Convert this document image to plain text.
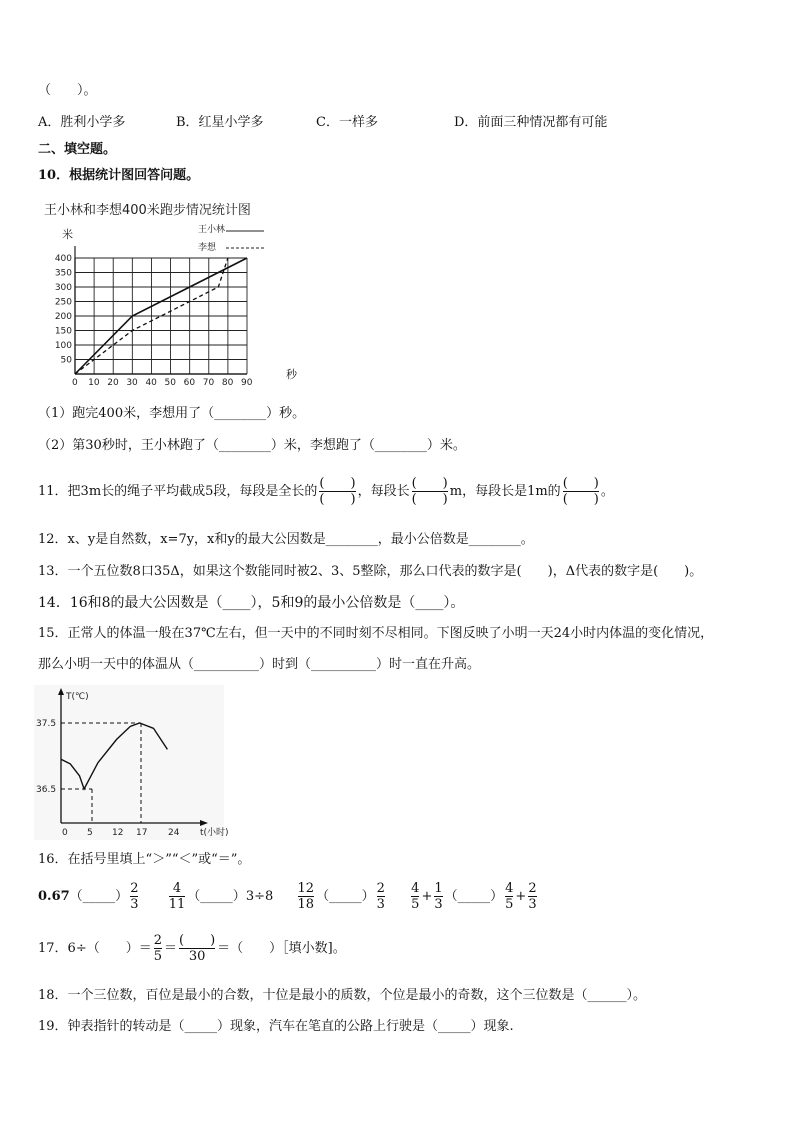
（　　）。
A．胜利小学多	B．红星小学多	C．一样多	D．前面三种情况都有可能
二、填空题。
10．根据统计图回答问题。
王小林和李想400米跑步情况统计图
米
0 10 20 30 40 50 60 70 80 90
50
100
150
200
250
300
350
400
秒
王小林
李想
（1）跑完400米，李想用了（________）秒。
（2）第30秒时，王小林跑了（________）米，李想跑了（________）米。
11．把3m长的绳子平均截成5段，每段是全长的 $\frac{( )}{( )}$ ，每段长 $\frac{( )}{( )}$ m，每段长是1m的 $\frac{( )}{( )}$ 。
12．x、y是自然数，x=7y，x和y的最大公因数是________，最小公倍数是________。
13．一个五位数8口35Δ，如果这个数能同时被2、3、5整除，那么口代表的数字是(　　)，Δ代表的数字是(　　)。
14．16和8的最大公因数是（____），5和9的最小公倍数是（____）。
15．正常人的体温一般在37℃左右，但一天中的不同时刻不尽相同。下图反映了小明一天24小时内体温的变化情况，
那么小明一天中的体温从（__________）时到（__________）时一直在升高。
T(℃)
t(小时)
37.5
36.5
0 5 12 17 24
16．在括号里填上“＞”“＜”或“＝”。
0.67（_____） $\frac{2}{3}$
$\frac{4}{11}$ （_____）3÷8 $\frac{12}{18}$ （_____） $\frac{2}{3}$
$\frac{4}{5} + \frac{1}{3}$ （_____） $\frac{4}{5} + \frac{2}{3}$
17．6÷（　　）＝ $\frac{2}{5} = \frac{( )}{30}$ ＝（　　）［填小数]。
18．一个三位数，百位是最小的合数，十位是最小的质数，个位是最小的奇数，这个三位数是（______）。
19．钟表指针的转动是（_____）现象，汽车在笔直的公路上行驶是（_____）现象.
